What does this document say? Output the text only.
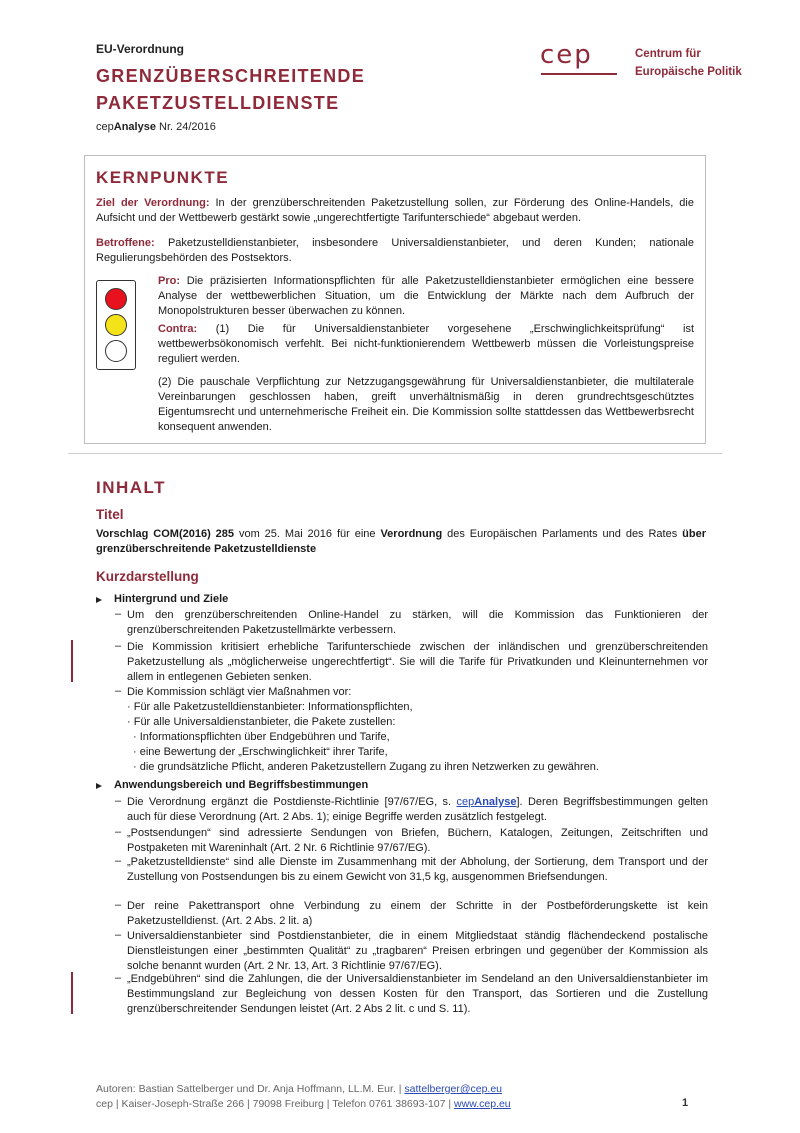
EU-Verordnung
GRENZÜBERSCHREITENDE
PAKETZUSTELLDIENSTE
cepAnalyse Nr. 24/2016
cep	Centrum für
Europäische Politik
KERNPUNKTE
Ziel der Verordnung: In der grenzüberschreitenden Paketzustellung sollen, zur Förderung des Online-Handels, die Aufsicht und der Wettbewerb gestärkt sowie „ungerechtfertigte Tarifunterschiede“ abgebaut werden.
Betroffene: Paketzustelldienstanbieter, insbesondere Universaldienstanbieter, und deren Kunden; nationale Regulierungsbehörden des Postsektors.
Pro: Die präzisierten Informationspflichten für alle Paketzustelldienstanbieter ermöglichen eine bessere Analyse der wettbewerblichen Situation, um die Entwicklung der Märkte nach dem Aufbruch der Monopolstrukturen besser überwachen zu können.
Contra: (1) Die für Universaldienstanbieter vorgesehene „Erschwinglichkeitsprüfung“ ist wettbewerbsökonomisch verfehlt. Bei nicht-funktionierendem Wettbewerb müssen die Vorleistungspreise reguliert werden.
(2) Die pauschale Verpflichtung zur Netzzugangsgewährung für Universaldienstanbieter, die multilaterale Vereinbarungen geschlossen haben, greift unverhältnismäßig in deren grundrechtsgeschütztes Eigentumsrecht und unternehmerische Freiheit ein. Die Kommission sollte stattdessen das Wettbewerbsrecht konsequent anwenden.
INHALT
Titel
Vorschlag COM(2016) 285 vom 25. Mai 2016 für eine Verordnung des Europäischen Parlaments und des Rates über grenzüberschreitende Paketzustelldienste
Kurzdarstellung
Hintergrund und Ziele
– Um den grenzüberschreitenden Online-Handel zu stärken, will die Kommission das Funktionieren der grenzüberschreitenden Paketzustellmärkte verbessern.
– Die Kommission kritisiert erhebliche Tarifunterschiede zwischen der inländischen und grenzüberschreitenden Paketzustellung als „möglicherweise ungerechtfertigt“. Sie will die Tarife für Privatkunden und Kleinunternehmen vor allem in entlegenen Gebieten senken.
– Die Kommission schlägt vier Maßnahmen vor:
· Für alle Paketzustelldienstanbieter: Informationspflichten,
· Für alle Universaldienstanbieter, die Pakete zustellen:
· Informationspflichten über Endgebühren und Tarife,
· eine Bewertung der „Erschwinglichkeit“ ihrer Tarife,
· die grundsätzliche Pflicht, anderen Paketzustellern Zugang zu ihren Netzwerken zu gewähren.
Anwendungsbereich und Begriffsbestimmungen
– Die Verordnung ergänzt die Postdienste-Richtlinie [97/67/EG, s. cepAnalyse]. Deren Begriffsbestimmungen gelten auch für diese Verordnung (Art. 2 Abs. 1); einige Begriffe werden zusätzlich festgelegt.
– „Postsendungen“ sind adressierte Sendungen von Briefen, Büchern, Katalogen, Zeitungen, Zeitschriften und Postpaketen mit Wareninhalt (Art. 2 Nr. 6 Richtlinie 97/67/EG).
– „Paketzustelldienste“ sind alle Dienste im Zusammenhang mit der Abholung, der Sortierung, dem Transport und der Zustellung von Postsendungen bis zu einem Gewicht von 31,5 kg, ausgenommen Briefsendungen.
– Der reine Pakettransport ohne Verbindung zu einem der Schritte in der Postbeförderungskette ist kein Paketzustelldienst. (Art. 2 Abs. 2 lit. a)
– Universaldienstanbieter sind Postdienstanbieter, die in einem Mitgliedstaat ständig flächendeckend postalische Dienstleistungen einer „bestimmten Qualität“ zu „tragbaren“ Preisen erbringen und gegenüber der Kommission als solche benannt wurden (Art. 2 Nr. 13, Art. 3 Richtlinie 97/67/EG).
– „Endgebühren“ sind die Zahlungen, die der Universaldienstanbieter im Sendeland an den Universaldienstanbieter im Bestimmungsland zur Begleichung von dessen Kosten für den Transport, das Sortieren und die Zustellung grenzüberschreitender Sendungen leistet (Art. 2 Abs 2 lit. c und S. 11).
Autoren: Bastian Sattelberger und Dr. Anja Hoffmann, LL.M. Eur. | sattelberger@cep.eu
cep | Kaiser-Joseph-Straße 266 | 79098 Freiburg | Telefon 0761 38693-107 | www.cep.eu	1
